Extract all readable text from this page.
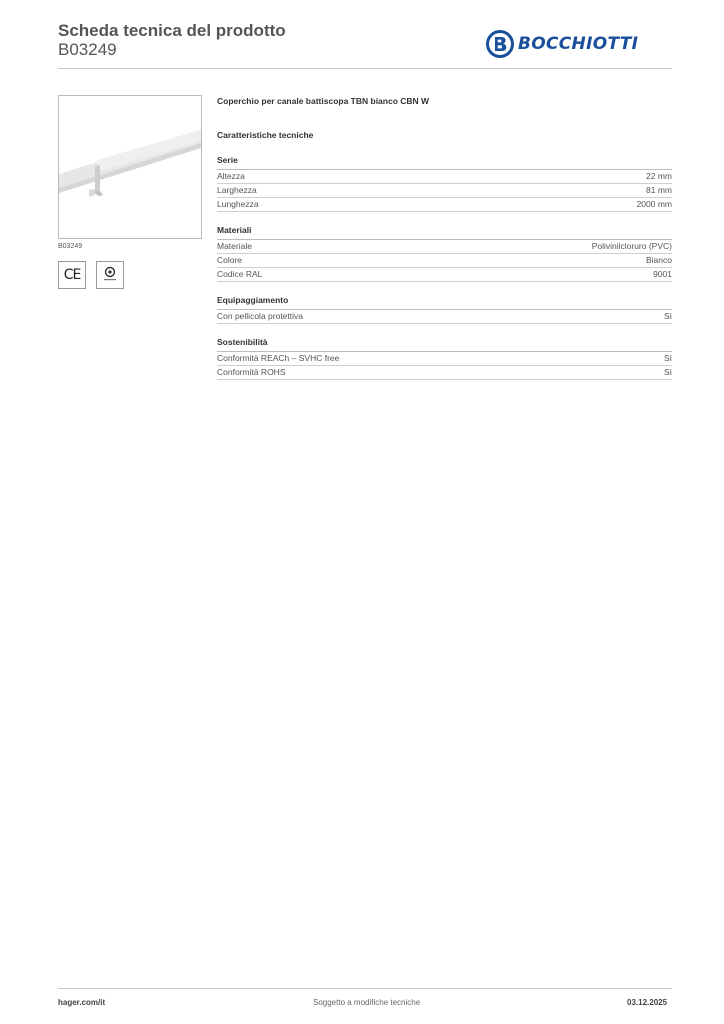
Scheda tecnica del prodotto
B03249	BOCCHIOTTI
B03249
CE
Coperchio per canale battiscopa TBN bianco CBN W
Caratteristiche tecniche
Serie
Altezza	22 mm
Larghezza	81 mm
Lunghezza	2000 mm
Materiali
Materiale	Polivinilcloruro (PVC)
Colore	Bianco
Codice RAL	9001
Equipaggiamento
Con pellicola protettiva	Sì
Sostenibilità
Conformità REACh – SVHC free	Sì
Conformità ROHS	Sì
hager.com/it	Soggetto a modifiche tecniche	03.12.2025
